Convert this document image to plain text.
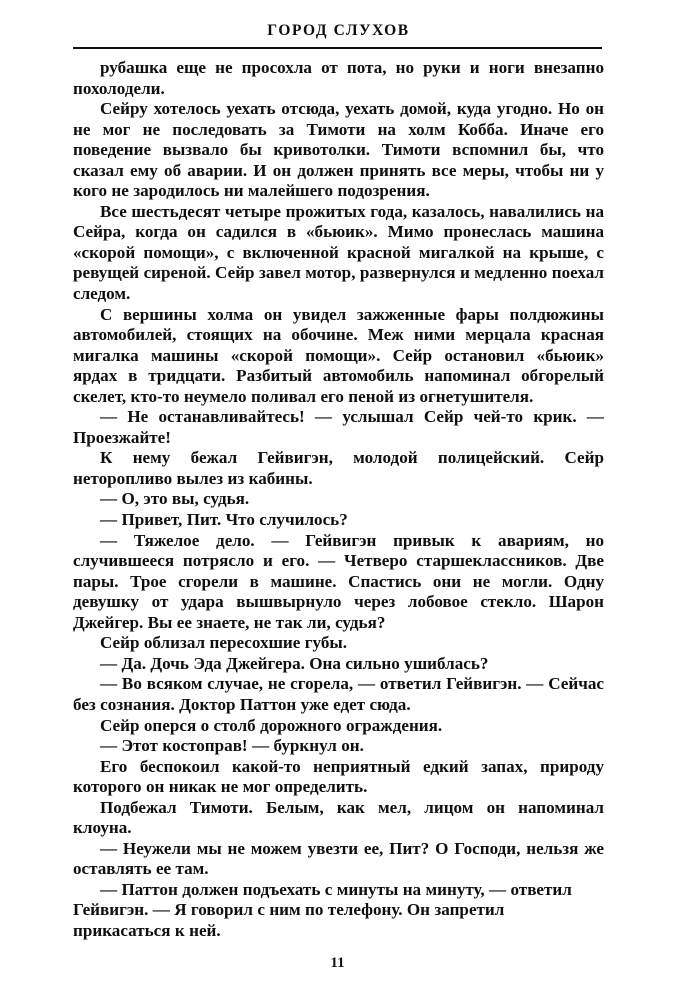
ГОРОД СЛУХОВ

рубашка еще не просохла от пота, но руки и ноги внезапно похолодели.

Сейру хотелось уехать отсюда, уехать домой, куда угодно. Но он не мог не последовать за Тимоти на холм Кобба. Иначе его поведение вызвало бы кривотолки. Тимоти вспомнил бы, что сказал ему об аварии. И он должен принять все меры, чтобы ни у кого не зародилось ни малейшего подозрения.

Все шестьдесят четыре прожитых года, казалось, навалились на Сейра, когда он садился в «бьюик». Мимо пронеслась машина «скорой помощи», с включенной красной мигалкой на крыше, с ревущей сиреной. Сейр завел мотор, развернулся и медленно поехал следом.

С вершины холма он увидел зажженные фары полдюжины автомобилей, стоящих на обочине. Меж ними мерцала красная мигалка машины «скорой помощи». Сейр остановил «бьюик» ярдах в тридцати. Разбитый автомобиль напоминал обгорелый скелет, кто-то неумело поливал его пеной из огнетушителя.

— Не останавливайтесь! — услышал Сейр чей-то крик. — Проезжайте!

К нему бежал Гейвигэн, молодой полицейский. Сейр неторопливо вылез из кабины.

— О, это вы, судья.

— Привет, Пит. Что случилось?

— Тяжелое дело. — Гейвигэн привык к авариям, но случившееся потрясло и его. — Четверо старшеклассников. Две пары. Трое сгорели в машине. Спастись они не могли. Одну девушку от удара вышвырнуло через лобовое стекло. Шарон Джейгер. Вы ее знаете, не так ли, судья?

Сейр облизал пересохшие губы.

— Да. Дочь Эда Джейгера. Она сильно ушиблась?

— Во всяком случае, не сгорела, — ответил Гейвигэн. — Сейчас без сознания. Доктор Паттон уже едет сюда.

Сейр оперся о столб дорожного ограждения.

— Этот костоправ! — буркнул он.

Его беспокоил какой-то неприятный едкий запах, природу которого он никак не мог определить.

Подбежал Тимоти. Белым, как мел, лицом он напоминал клоуна.

— Неужели мы не можем увезти ее, Пит? О Господи, нельзя же оставлять ее там.

— Паттон должен подъехать с минуты на минуту, — ответил Гейвигэн. — Я говорил с ним по телефону. Он запретил прикасаться к ней.

11
